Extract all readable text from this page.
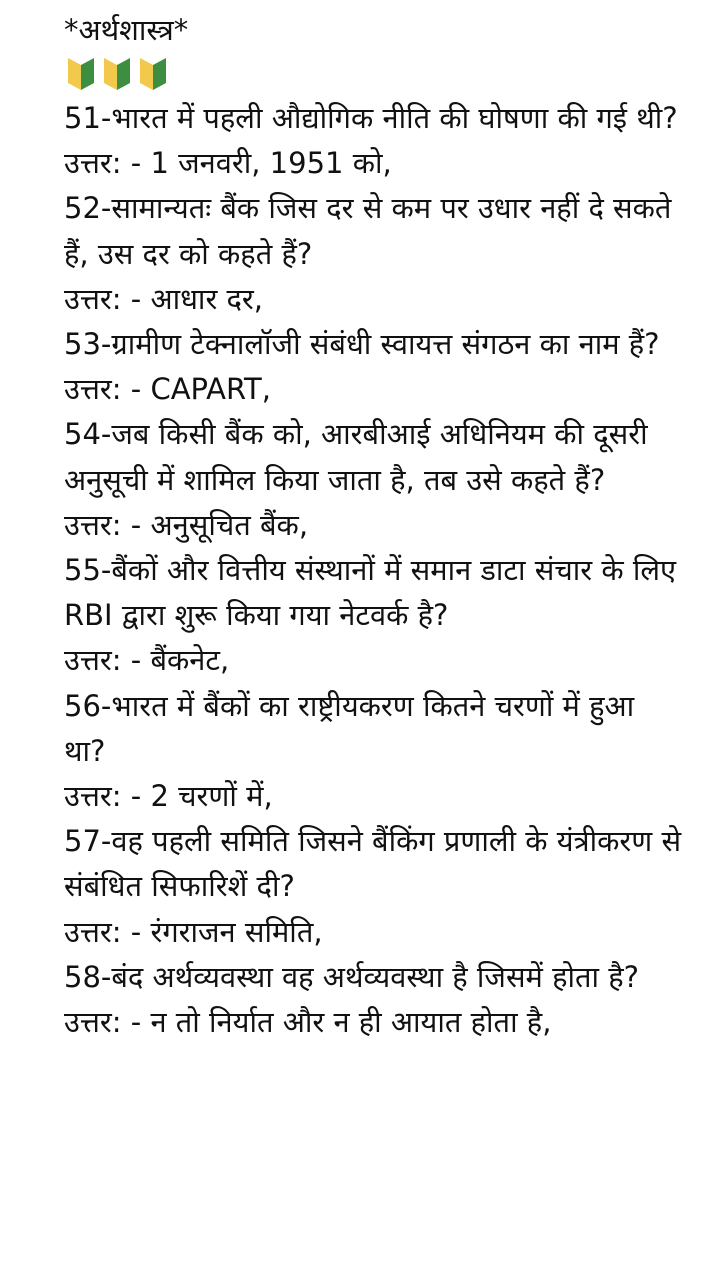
*अर्थशास्त्र*

51-भारत में पहली औद्योगिक नीति की घोषणा की गई थी?

उत्तर: - 1 जनवरी, 1951 को,

52-सामान्यतः बैंक जिस दर से कम पर उधार नहीं दे सकते हैं, उस दर को कहते हैं?

उत्तर: - आधार दर,

53-ग्रामीण टेक्नालॉजी संबंधी स्वायत्त संगठन का नाम हैं?

उत्तर: - CAPART,

54-जब किसी बैंक को, आरबीआई अधिनियम की दूसरी अनुसूची में शामिल किया जाता है, तब उसे कहते हैं?

उत्तर: - अनुसूचित बैंक,

55-बैंकों और वित्तीय संस्थानों में समान डाटा संचार के लिए RBI द्वारा शुरू किया गया नेटवर्क है?

उत्तर: - बैंकनेट,

56-भारत में बैंकों का राष्ट्रीयकरण कितने चरणों में हुआ था?

उत्तर: - 2 चरणों में,

57-वह पहली समिति जिसने बैंकिंग प्रणाली के यंत्रीकरण से संबंधित सिफारिशें दी?

उत्तर: - रंगराजन समिति,

58-बंद अर्थव्यवस्था वह अर्थव्यवस्था है जिसमें होता है?

उत्तर: - न तो निर्यात और न ही आयात होता है,
